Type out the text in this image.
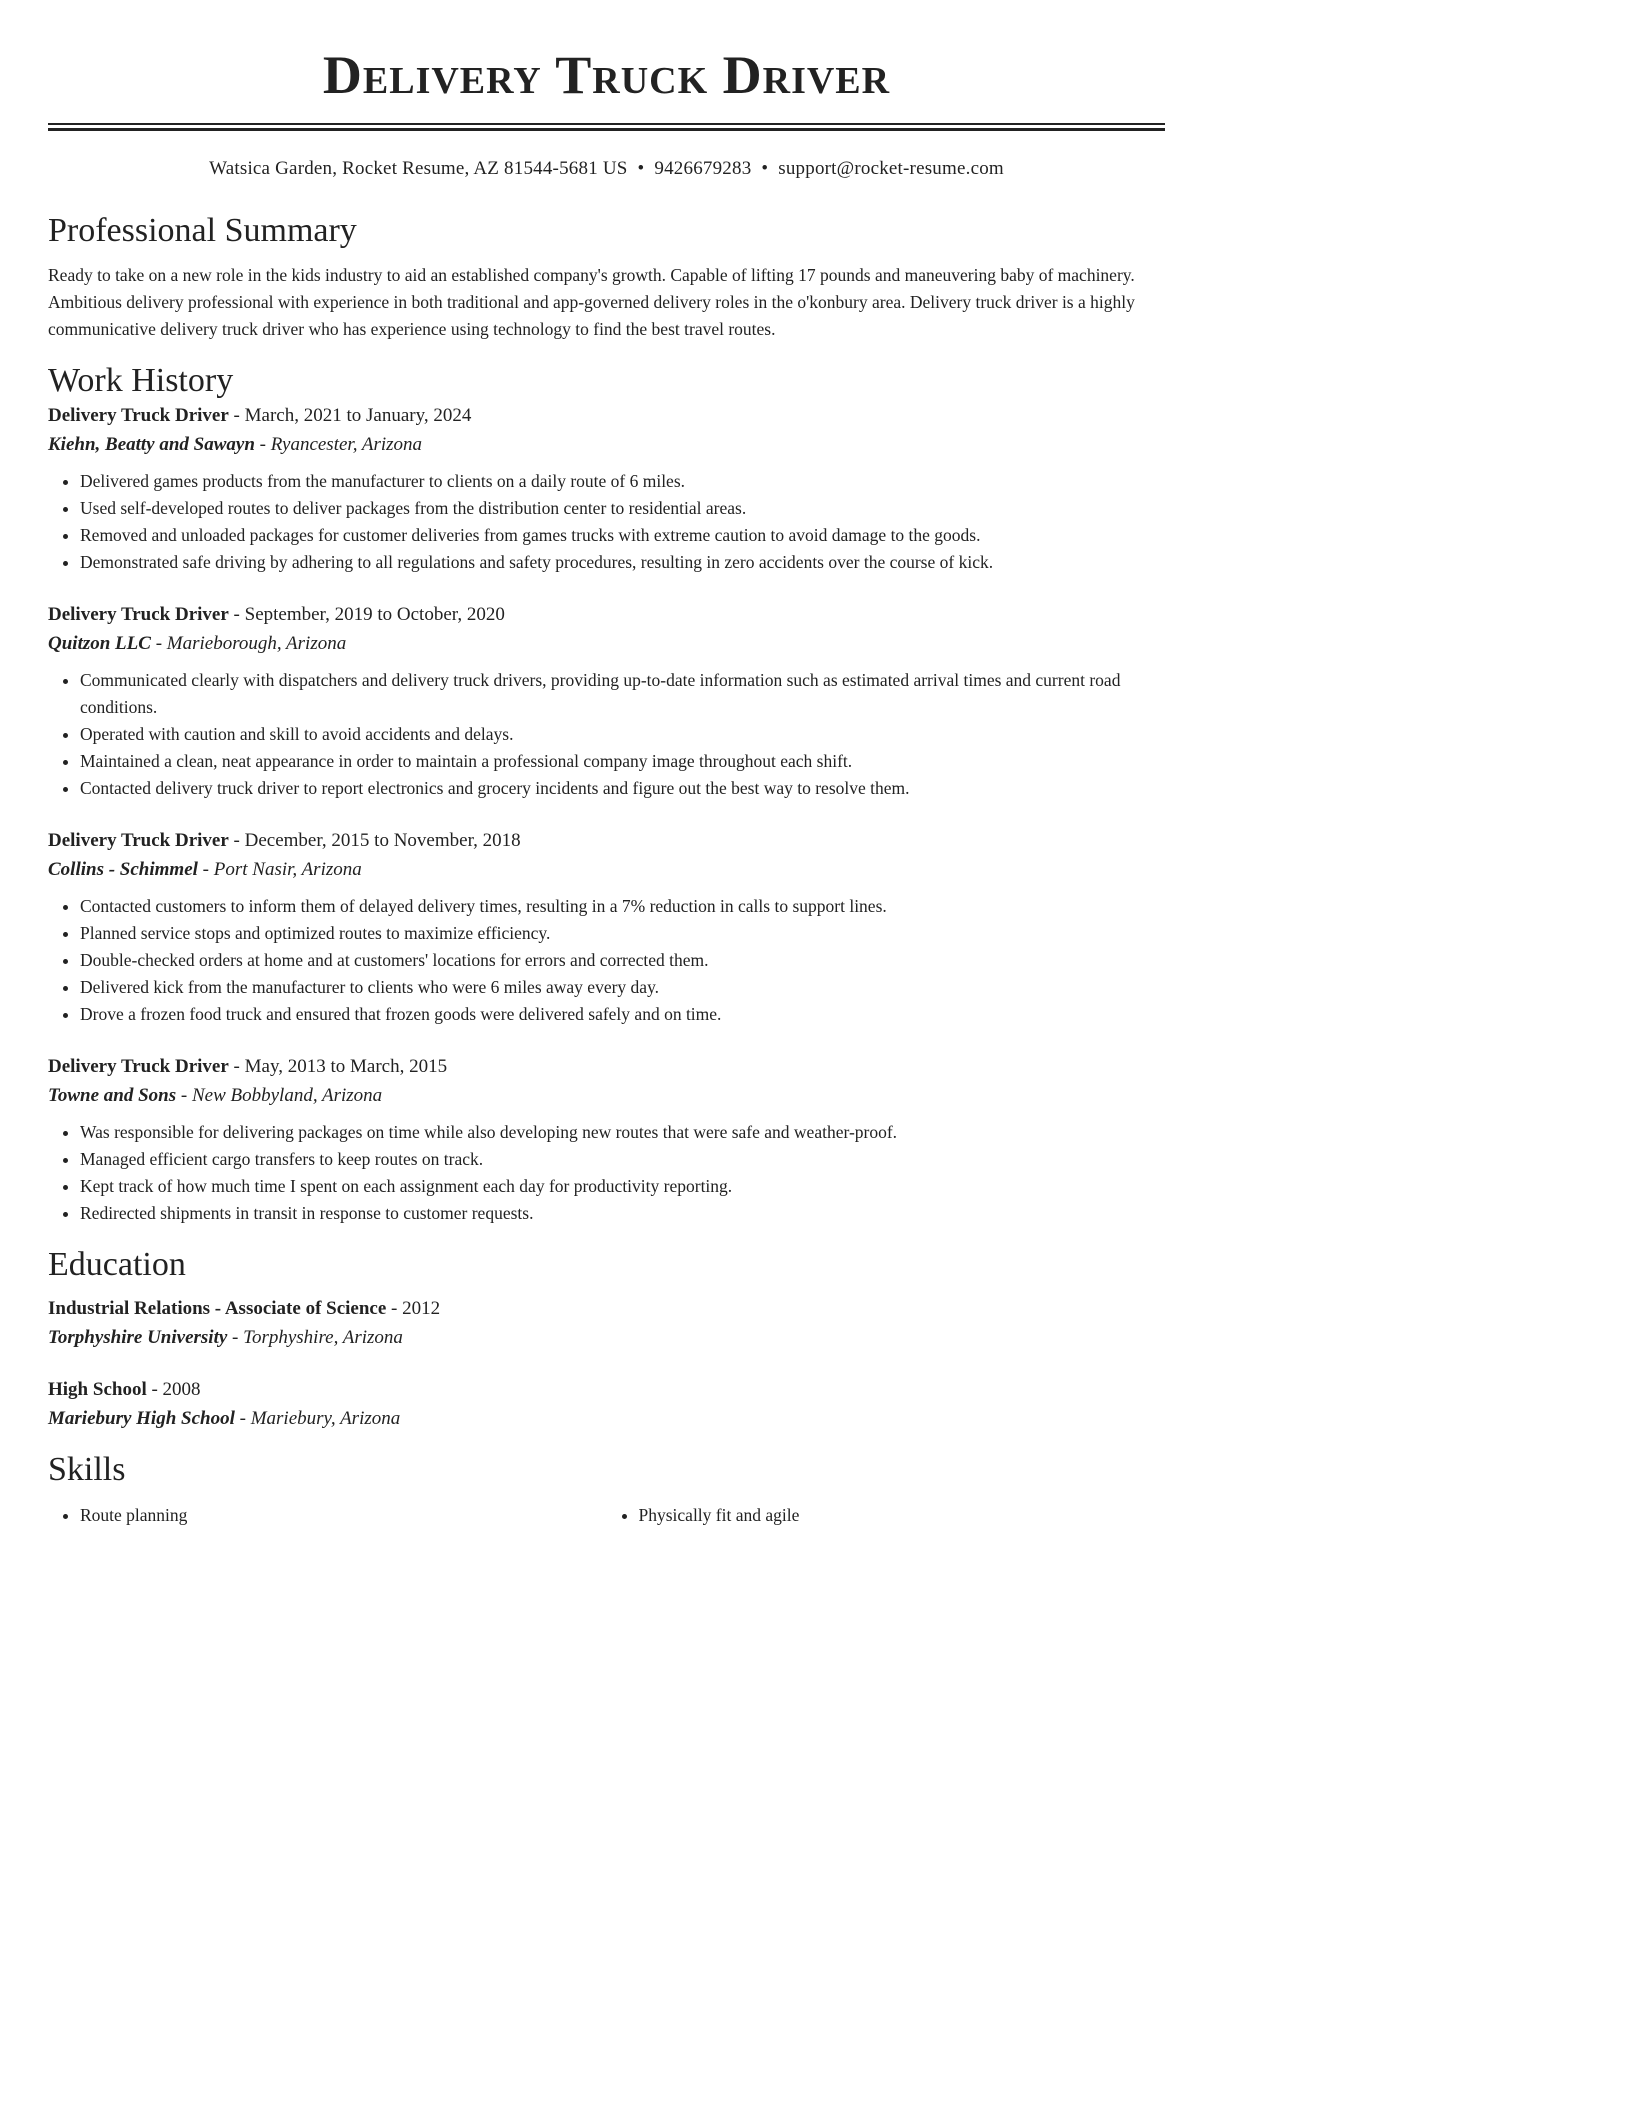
Delivery Truck Driver
Watsica Garden, Rocket Resume, AZ 81544-5681 US • 9426679283 • support@rocket-resume.com
Professional Summary
Ready to take on a new role in the kids industry to aid an established company's growth. Capable of lifting 17 pounds and maneuvering baby of machinery. Ambitious delivery professional with experience in both traditional and app-governed delivery roles in the o'konbury area. Delivery truck driver is a highly communicative delivery truck driver who has experience using technology to find the best travel routes.
Work History
Delivery Truck Driver - March, 2021 to January, 2024
Kiehn, Beatty and Sawayn - Ryancester, Arizona
• Delivered games products from the manufacturer to clients on a daily route of 6 miles.
• Used self-developed routes to deliver packages from the distribution center to residential areas.
• Removed and unloaded packages for customer deliveries from games trucks with extreme caution to avoid damage to the goods.
• Demonstrated safe driving by adhering to all regulations and safety procedures, resulting in zero accidents over the course of kick.
Delivery Truck Driver - September, 2019 to October, 2020
Quitzon LLC - Marieborough, Arizona
• Communicated clearly with dispatchers and delivery truck drivers, providing up-to-date information such as estimated arrival times and current road conditions.
• Operated with caution and skill to avoid accidents and delays.
• Maintained a clean, neat appearance in order to maintain a professional company image throughout each shift.
• Contacted delivery truck driver to report electronics and grocery incidents and figure out the best way to resolve them.
Delivery Truck Driver - December, 2015 to November, 2018
Collins - Schimmel - Port Nasir, Arizona
• Contacted customers to inform them of delayed delivery times, resulting in a 7% reduction in calls to support lines.
• Planned service stops and optimized routes to maximize efficiency.
• Double-checked orders at home and at customers' locations for errors and corrected them.
• Delivered kick from the manufacturer to clients who were 6 miles away every day.
• Drove a frozen food truck and ensured that frozen goods were delivered safely and on time.
Delivery Truck Driver - May, 2013 to March, 2015
Towne and Sons - New Bobbyland, Arizona
• Was responsible for delivering packages on time while also developing new routes that were safe and weather-proof.
• Managed efficient cargo transfers to keep routes on track.
• Kept track of how much time I spent on each assignment each day for productivity reporting.
• Redirected shipments in transit in response to customer requests.
Education
Industrial Relations - Associate of Science - 2012
Torphyshire University - Torphyshire, Arizona
High School - 2008
Mariebury High School - Mariebury, Arizona
Skills
• Route planning
•	Physically fit and agile
